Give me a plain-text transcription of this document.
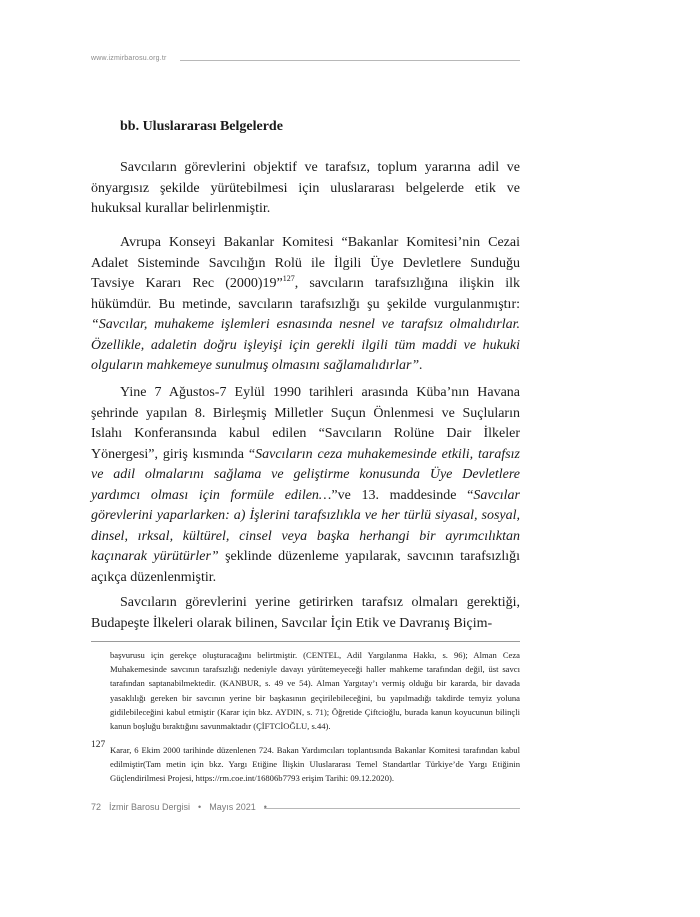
www.izmirbarosu.org.tr
bb. Uluslararası Belgelerde

Savcıların görevlerini objektif ve tarafsız, toplum yararına adil ve önyargısız şekilde yürütebilmesi için uluslararası belgelerde etik ve hukuksal kurallar belirlenmiştir.

Avrupa Konseyi Bakanlar Komitesi “Bakanlar Komitesi’nin Cezai Adalet Sisteminde Savcılığın Rolü ile İlgili Üye Devletlere Sunduğu Tavsiye Kararı Rec (2000)19”$^{127}$, savcıların tarafsızlığına ilişkin ilk hükümdür. Bu metinde, savcıların tarafsızlığı şu şekilde vurgulanmıştır: “Savcılar, muhakeme işlemleri esnasında nesnel ve tarafsız olmalıdırlar. Özellikle, adaletin doğru işleyişi için gerekli ilgili tüm maddi ve hukuki olguların mahkemeye sunulmuş olmasını sağlamalıdırlar”.

Yine 7 Ağustos-7 Eylül 1990 tarihleri arasında Küba’nın Havana şehrinde yapılan 8. Birleşmiş Milletler Suçun Önlenmesi ve Suçluların Islahı Konferansında kabul edilen “Savcıların Rolüne Dair İlkeler Yönergesi”, giriş kısmında “Savcıların ceza muhakemesinde etkili, tarafsız ve adil olmalarını sağlama ve geliştirme konusunda Üye Devletlere yardımcı olması için formüle edilen…”ve 13. maddesinde “Savcılar görevlerini yaparlarken: a) İşlerini tarafsızlıkla ve her türlü siyasal, sosyal, dinsel, ırksal, kültürel, cinsel veya başka herhangi bir ayrımcılıktan kaçınarak yürütürler” şeklinde düzenleme yapılarak, savcının tarafsızlığı açıkça düzenlenmiştir.

Savcıların görevlerini yerine getirirken tarafsız olmaları gerektiği, Budapeşte İlkeleri olarak bilinen, Savcılar İçin Etik ve Davranış Biçim-

başvurusu için gerekçe oluşturacağını belirtmiştir. (CENTEL, Adil Yargılanma Hakkı, s. 96); Alman Ceza Muhakemesinde savcının tarafsızlığı nedeniyle davayı yürütemeyeceği haller mahkeme tarafından değil, üst savcı tarafından saptanabilmektedir. (KANBUR, s. 49 ve 54). Alman Yargıtay’ı vermiş olduğu bir kararda, bir davada yasaklılığı gereken bir savcının yerine bir başkasının geçirilebileceğini, bu yapılmadığı takdirde temyiz yoluna gidilebileceğini kabul etmiştir (Karar için bkz. AYDIN, s. 71); Öğretide Çiftcioğlu, burada kanun koyucunun bilinçli kanun boşluğu bıraktığını savunmaktadır (ÇİFTCİOĞLU, s.44).

127 Karar, 6 Ekim 2000 tarihinde düzenlenen 724. Bakan Yardımcıları toplantısında Bakanlar Komitesi tarafından kabul edilmiştir(Tam metin için bkz. Yargı Etiğine İlişkin Uluslararası Temel Standartlar Türkiye’de Yargı Etiğinin Güçlendirilmesi Projesi, https://rm.coe.int/16806b7793 erişim Tarihi: 09.12.2020).

72 İzmir Barosu Dergisi • Mayıs 2021 •
